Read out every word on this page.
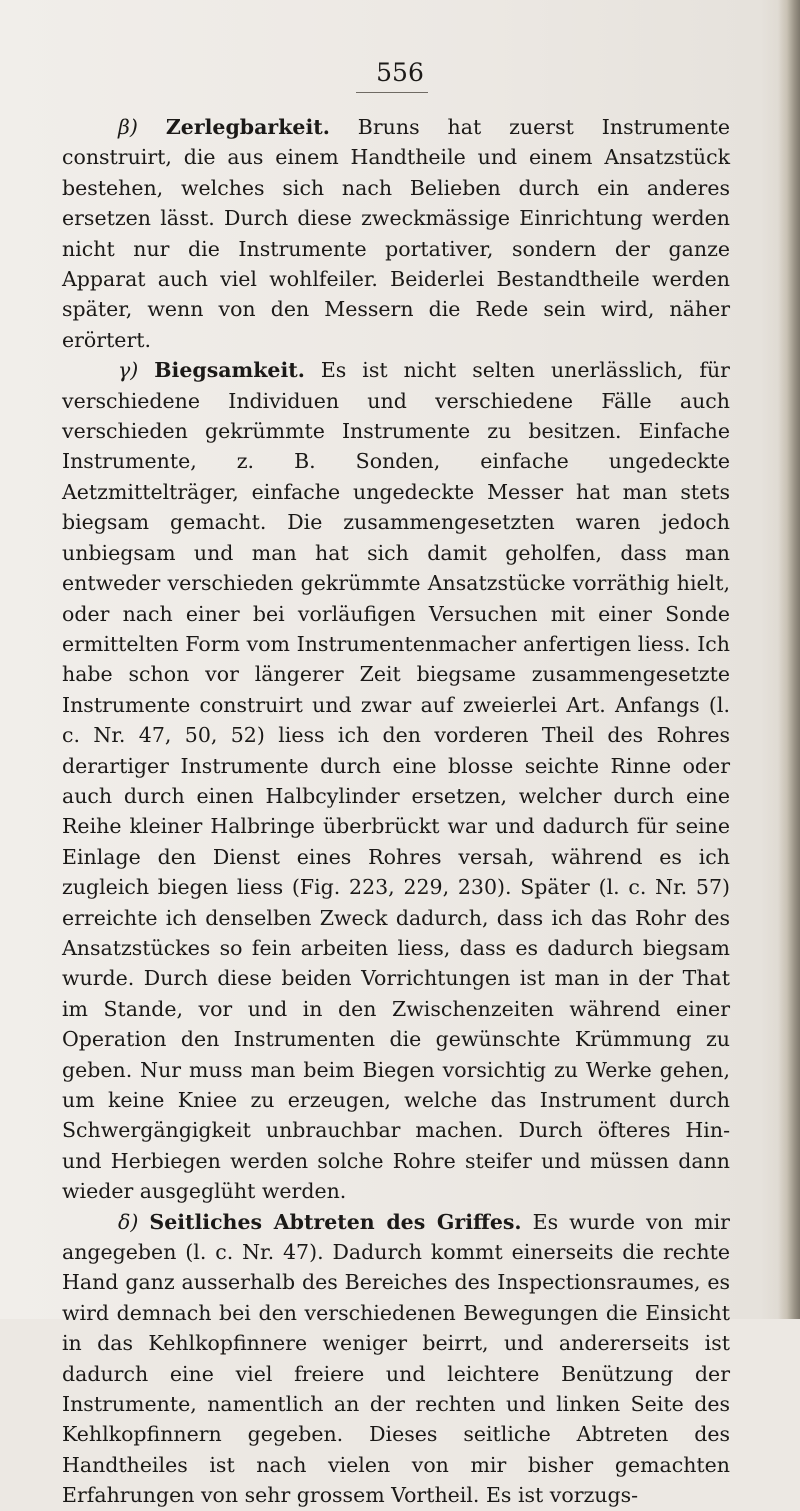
556

β) Zerlegbarkeit. Bruns hat zuerst Instrumente construirt, die aus einem Handtheile und einem Ansatzstück bestehen, welches sich nach Belieben durch ein anderes ersetzen lässt. Durch diese zweckmässige Einrichtung werden nicht nur die Instrumente portativer, sondern der ganze Apparat auch viel wohlfeiler. Beiderlei Bestandtheile werden später, wenn von den Messern die Rede sein wird, näher erörtert.

γ) Biegsamkeit. Es ist nicht selten unerlässlich, für verschiedene Individuen und verschiedene Fälle auch verschieden gekrümmte Instrumente zu besitzen. Einfache Instrumente, z. B. Sonden, einfache ungedeckte Aetzmittelträger, einfache ungedeckte Messer hat man stets biegsam gemacht. Die zusammengesetzten waren jedoch unbiegsam und man hat sich damit geholfen, dass man entweder verschieden gekrümmte Ansatzstücke vorräthig hielt, oder nach einer bei vorläufigen Versuchen mit einer Sonde ermittelten Form vom Instrumentenmacher anfertigen liess. Ich habe schon vor längerer Zeit biegsame zusammengesetzte Instrumente construirt und zwar auf zweierlei Art. Anfangs (l. c. Nr. 47, 50, 52) liess ich den vorderen Theil des Rohres derartiger Instrumente durch eine blosse seichte Rinne oder auch durch einen Halbcylinder ersetzen, welcher durch eine Reihe kleiner Halbringe überbrückt war und dadurch für seine Einlage den Dienst eines Rohres versah, während es ich zugleich biegen liess (Fig. 223, 229, 230). Später (l. c. Nr. 57) erreichte ich denselben Zweck dadurch, dass ich das Rohr des Ansatzstückes so fein arbeiten liess, dass es dadurch biegsam wurde. Durch diese beiden Vorrichtungen ist man in der That im Stande, vor und in den Zwischenzeiten während einer Operation den Instrumenten die gewünschte Krümmung zu geben. Nur muss man beim Biegen vorsichtig zu Werke gehen, um keine Kniee zu erzeugen, welche das Instrument durch Schwergängigkeit unbrauchbar machen. Durch öfteres Hin- und Herbiegen werden solche Rohre steifer und müssen dann wieder ausgeglüht werden.

δ) Seitliches Abtreten des Griffes. Es wurde von mir angegeben (l. c. Nr. 47). Dadurch kommt einerseits die rechte Hand ganz ausserhalb des Bereiches des Inspectionsraumes, es wird demnach bei den verschiedenen Bewegungen die Einsicht in das Kehlkopfinnere weniger beirrt, und andererseits ist dadurch eine viel freiere und leichtere Benützung der Instrumente, namentlich an der rechten und linken Seite des Kehlkopfinnern gegeben. Dieses seitliche Abtreten des Handtheiles ist nach vielen von mir bisher gemachten Erfahrungen von sehr grossem Vortheil. Es ist vorzugs-
